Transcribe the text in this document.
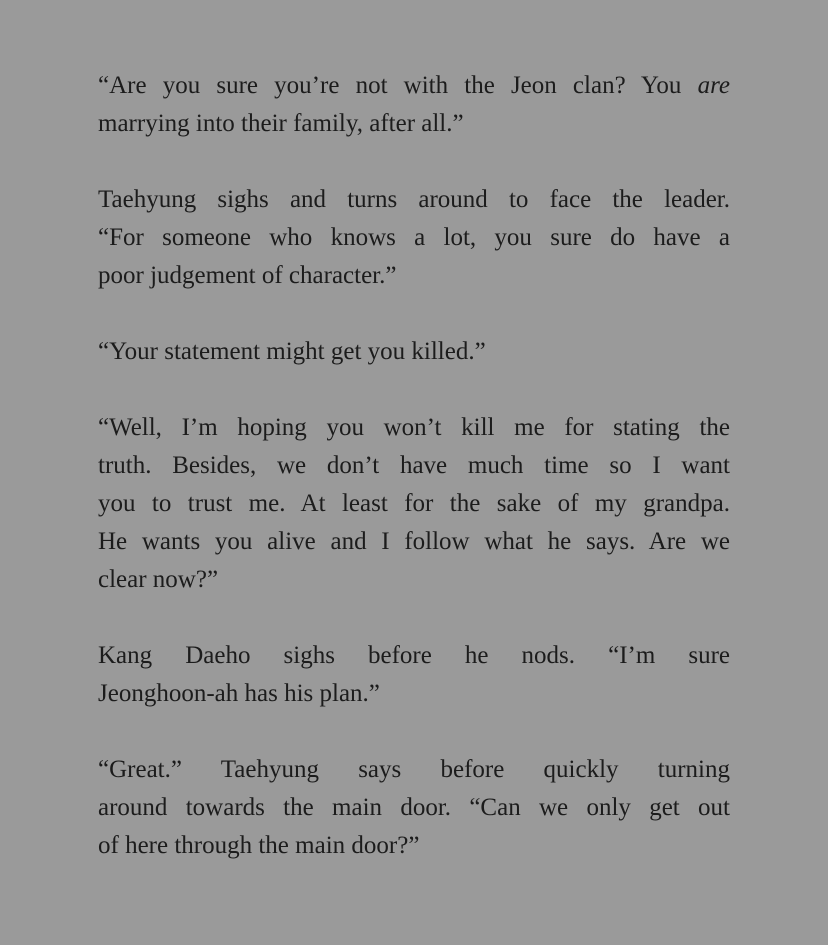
“Are you sure you’re not with the Jeon clan? You are
marrying into their family, after all.”

Taehyung sighs and turns around to face the leader.
“For someone who knows a lot, you sure do have a
poor judgement of character.”

“Your statement might get you killed.”

“Well, I’m hoping you won’t kill me for stating the
truth. Besides, we don’t have much time so I want
you to trust me. At least for the sake of my grandpa.
He wants you alive and I follow what he says. Are we
clear now?”

Kang Daeho sighs before he nods. “I’m sure
Jeonghoon-ah has his plan.”

“Great.” Taehyung says before quickly turning
around towards the main door. “Can we only get out
of here through the main door?”
